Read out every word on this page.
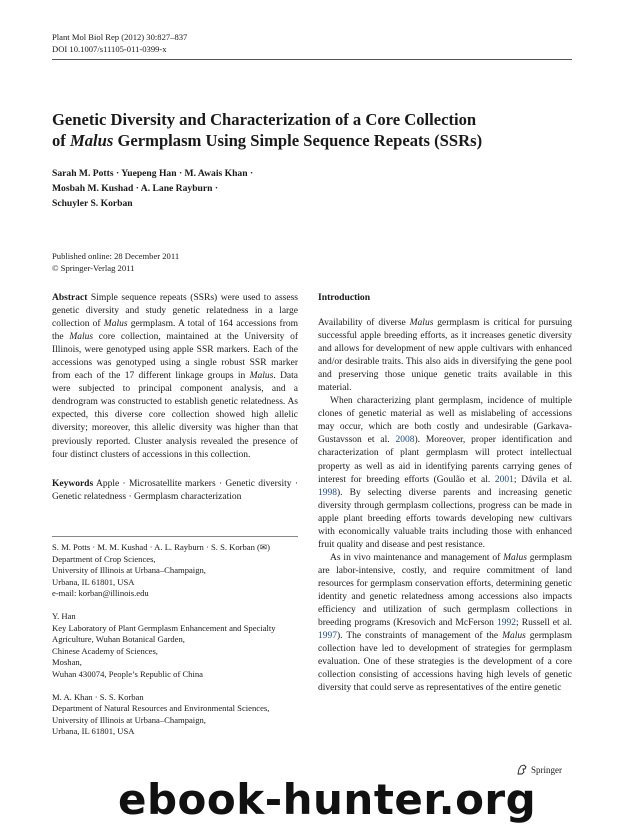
Plant Mol Biol Rep (2012) 30:827–837
DOI 10.1007/s11105-011-0399-x
Genetic Diversity and Characterization of a Core Collection
of Malus Germplasm Using Simple Sequence Repeats (SSRs)
Sarah M. Potts · Yuepeng Han · M. Awais Khan ·
Mosbah M. Kushad · A. Lane Rayburn ·
Schuyler S. Korban
Published online: 28 December 2011
© Springer-Verlag 2011
Abstract Simple sequence repeats (SSRs) were used to assess genetic diversity and study genetic relatedness in a large collection of Malus germplasm. A total of 164 accessions from the Malus core collection, maintained at the University of Illinois, were genotyped using apple SSR markers. Each of the accessions was genotyped using a single robust SSR marker from each of the 17 different linkage groups in Malus. Data were subjected to principal component analysis, and a dendrogram was constructed to establish genetic relatedness. As expected, this diverse core collection showed high allelic diversity; moreover, this allelic diversity was higher than that previously reported. Cluster analysis revealed the presence of four distinct clusters of accessions in this collection.
Keywords Apple · Microsatellite markers · Genetic diversity · Genetic relatedness · Germplasm characterization
S. M. Potts · M. M. Kushad · A. L. Rayburn · S. S. Korban (✉)
Department of Crop Sciences,
University of Illinois at Urbana–Champaign,
Urbana, IL 61801, USA
e-mail: korban@illinois.edu
Y. Han
Key Laboratory of Plant Germplasm Enhancement and Specialty
Agriculture, Wuhan Botanical Garden,
Chinese Academy of Sciences,
Moshan,
Wuhan 430074, People’s Republic of China
M. A. Khan · S. S. Korban
Department of Natural Resources and Environmental Sciences,
University of Illinois at Urbana–Champaign,
Urbana, IL 61801, USA
Introduction

Availability of diverse Malus germplasm is critical for pursuing successful apple breeding efforts, as it increases genetic diversity and allows for development of new apple cultivars with enhanced and/or desirable traits. This also aids in diversifying the gene pool and preserving those unique genetic traits available in this material.

When characterizing plant germplasm, incidence of multiple clones of genetic material as well as mislabeling of accessions may occur, which are both costly and undesirable (Garkava-Gustavsson et al. 2008). Moreover, proper identification and characterization of plant germplasm will protect intellectual property as well as aid in identifying parents carrying genes of interest for breeding efforts (Goulão et al. 2001; Dávila et al. 1998). By selecting diverse parents and increasing genetic diversity through germplasm collections, progress can be made in apple plant breeding efforts towards developing new cultivars with economically valuable traits including those with enhanced fruit quality and disease and pest resistance.

As in vivo maintenance and management of Malus germplasm are labor-intensive, costly, and require commitment of land resources for germplasm conservation efforts, determining genetic identity and genetic relatedness among accessions also impacts efficiency and utilization of such germplasm collections in breeding programs (Kresovich and McFerson 1992; Russell et al. 1997). The constraints of management of the Malus germplasm collection have led to development of strategies for germplasm evaluation. One of these strategies is the development of a core collection consisting of accessions having high levels of genetic diversity that could serve as representatives of the entire genetic

Springer
ebook-hunter.org
